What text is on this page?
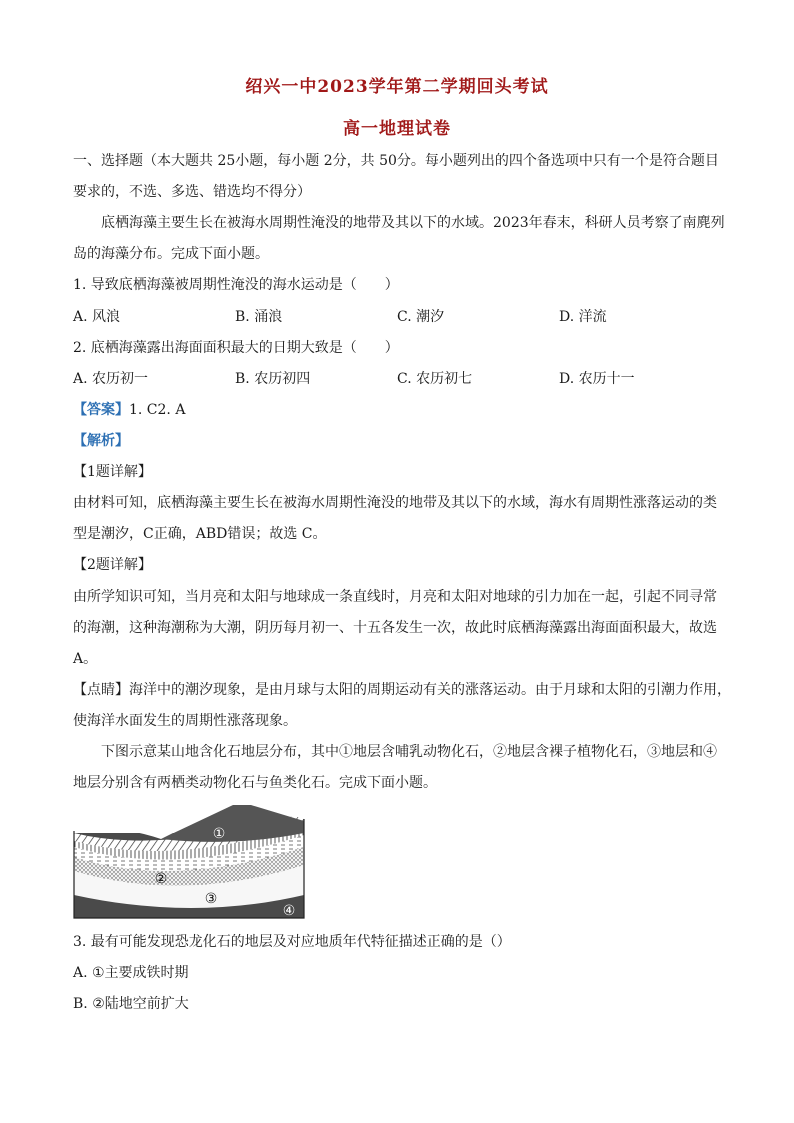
绍兴一中2023学年第二学期回头考试
高一地理试卷
一、选择题（本大题共 25小题，每小题 2分，共 50分。每小题列出的四个备选项中只有一个是符合题目
要求的，不选、多选、错选均不得分）
底栖海藻主要生长在被海水周期性淹没的地带及其以下的水域。2023年春末，科研人员考察了南麂列
岛的海藻分布。完成下面小题。
1. 导致底栖海藻被周期性淹没的海水运动是（　　）
A. 风浪	B. 涌浪	C. 潮汐	D. 洋流
2. 底栖海藻露出海面面积最大的日期大致是（　　）
A. 农历初一	B. 农历初四	C. 农历初七	D. 农历十一
【答案】1. C2. A
【解析】
【1题详解】
由材料可知，底栖海藻主要生长在被海水周期性淹没的地带及其以下的水域，海水有周期性涨落运动的类
型是潮汐，C正确，ABD错误；故选 C。
【2题详解】
由所学知识可知，当月亮和太阳与地球成一条直线时，月亮和太阳对地球的引力加在一起，引起不同寻常
的海潮，这种海潮称为大潮，阴历每月初一、十五各发生一次，故此时底栖海藻露出海面面积最大，故选
A。
【点睛】海洋中的潮汐现象，是由月球与太阳的周期运动有关的涨落运动。由于月球和太阳的引潮力作用，
使海洋水面发生的周期性涨落现象。
下图示意某山地含化石地层分布，其中①地层含哺乳动物化石，②地层含裸子植物化石，③地层和④
地层分别含有两栖类动物化石与鱼类化石。完成下面小题。
①
②
③
④
3. 最有可能发现恐龙化石的地层及对应地质年代特征描述正确的是（）
A. ①主要成铁时期
B. ②陆地空前扩大
